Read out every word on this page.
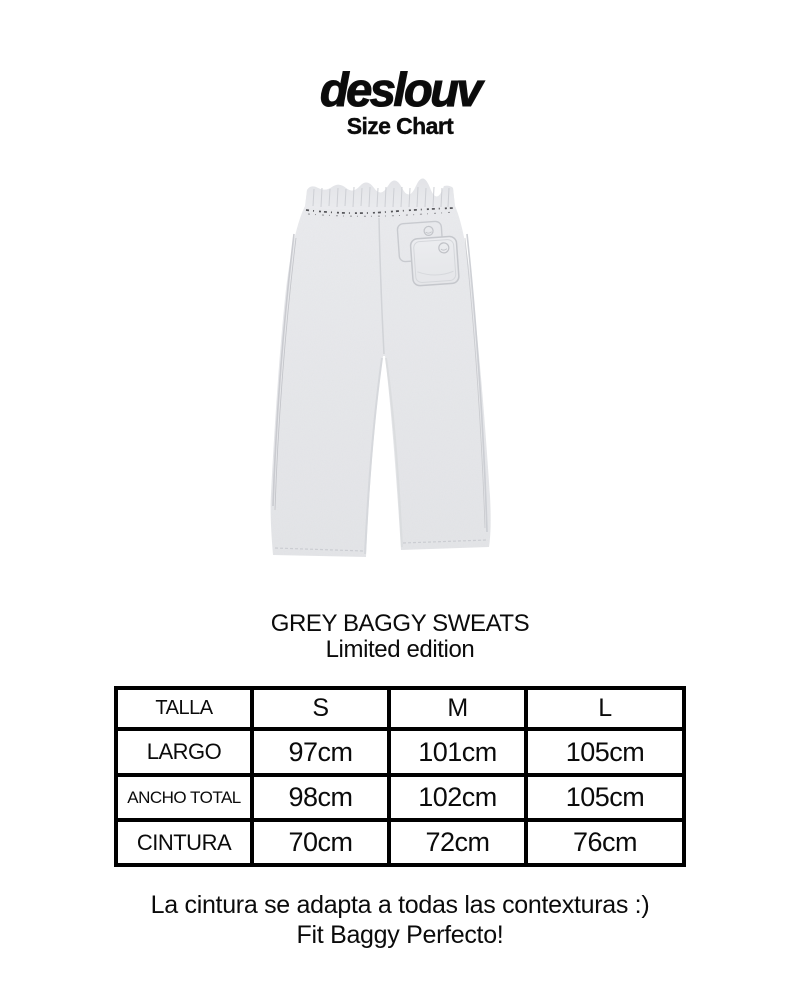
deslouv
Size Chart
GREY BAGGY SWEATS
Limited edition
TALLA	S	M	L
LARGO	97cm	101cm	105cm
ANCHO TOTAL	98cm	102cm	105cm
CINTURA	70cm	72cm	76cm
La cintura se adapta a todas las contexturas :)
Fit Baggy Perfecto!
